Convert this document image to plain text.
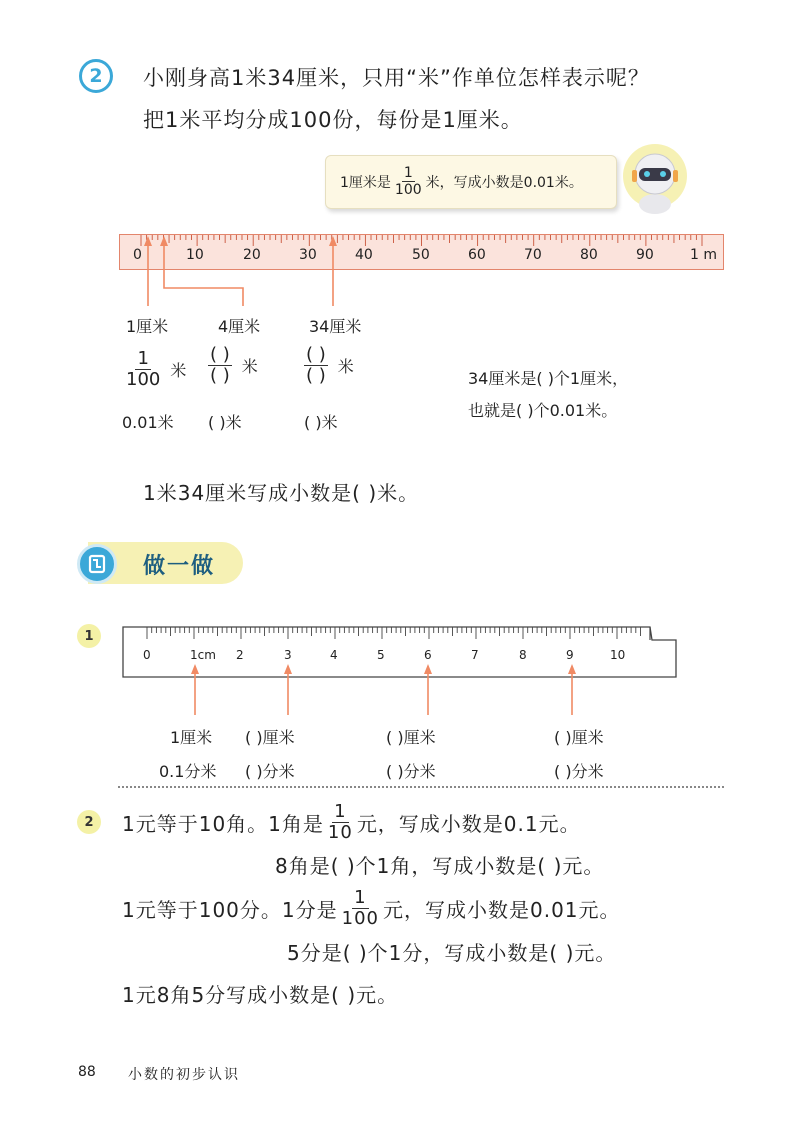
2	小刚身高1米34厘米，只用“米”作单位怎样表示呢？
把1米平均分成100份，每份是1厘米。
1厘米是 $\frac{1}{100}$ 米，写成小数是0.01米。
0	10	20	30	40	50	60	70	80	90	1 m
1厘米	4厘米	34厘米
$\frac{1}{100}$ 米 $\frac{( )}{( )}$ 米	$\frac{( )}{( )}$ 米
0.01米 ( )米	( )米
34厘米是( )个1厘米，
也就是( )个0.01米。
1米34厘米写成小数是( )米。
做一做
1
0	1cm 2	3	4	5	6	7	8	9	10
1厘米 ( )厘米	( )厘米	( )厘米
0.1分米 ( )分米	( )分米	( )分米
2	1元等于10角。1角是 $\frac{1}{10}$ 元，写成小数是0.1元。
8角是( )个1角，写成小数是( )元。
1元等于100分。1分是 $\frac{1}{100}$ 元，写成小数是0.01元。
5分是( )个1分，写成小数是( )元。
1元8角5分写成小数是( )元。
88 小数的初步认识
